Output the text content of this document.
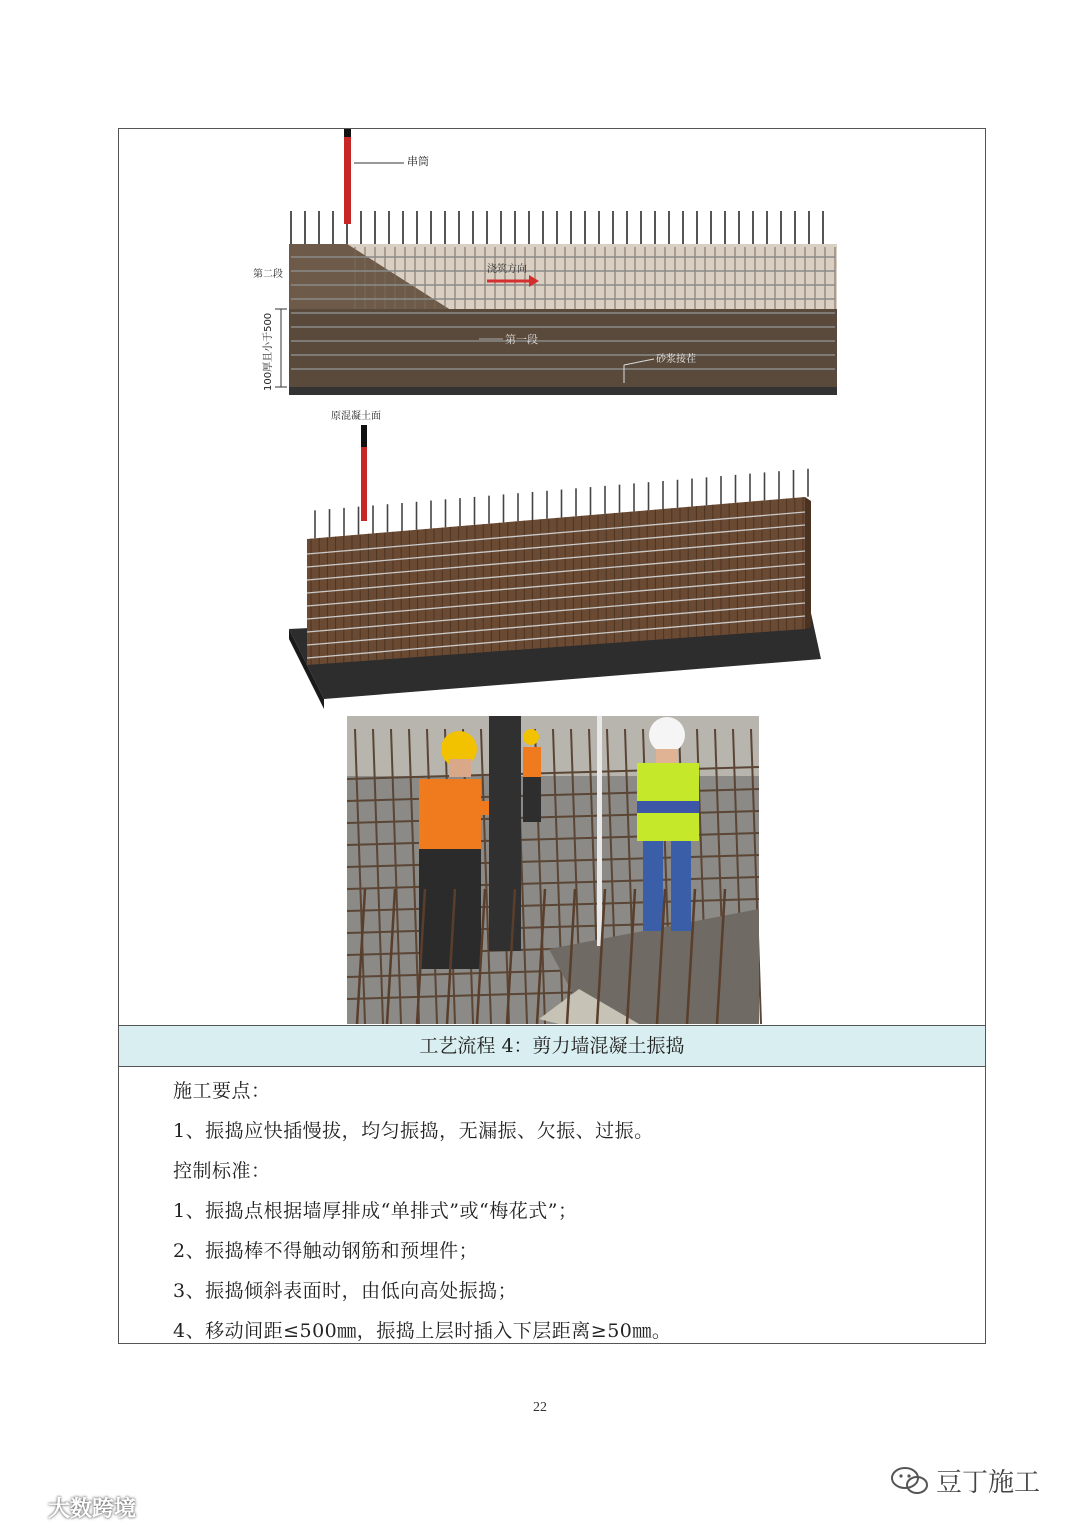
串筒
第二段
100厚且小于500
浇筑方向
第一段
砂浆接茬
原混凝土面
工艺流程 4：剪力墙混凝土振捣
施工要点：
1、振捣应快插慢拔，均匀振捣，无漏振、欠振、过振。
控制标准：
1、振捣点根据墙厚排成“单排式”或“梅花式”；
2、振捣棒不得触动钢筋和预埋件；
3、振捣倾斜表面时，由低向高处振捣；
4、移动间距≤500㎜，振捣上层时插入下层距离≥50㎜。
22
豆丁施工
大数跨境
